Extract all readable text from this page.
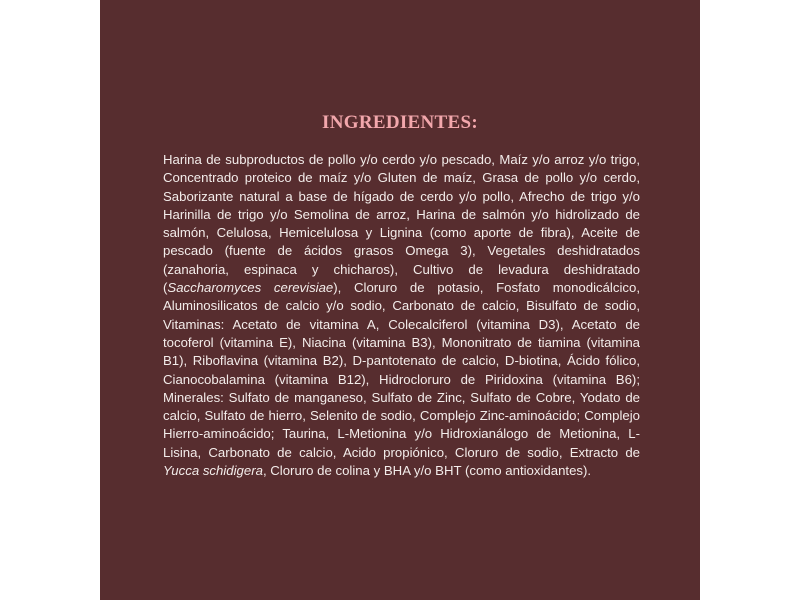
INGREDIENTES:

Harina de subproductos de pollo y/o cerdo y/o pescado, Maíz y/o arroz y/o trigo, Concentrado proteico de maíz y/o Gluten de maíz, Grasa de pollo y/o cerdo, Saborizante natural a base de hígado de cerdo y/o pollo, Afrecho de trigo y/o Harinilla de trigo y/o Semolina de arroz, Harina de salmón y/o hidrolizado de salmón, Celulosa, Hemicelulosa y Lignina (como aporte de fibra), Aceite de pescado (fuente de ácidos grasos Omega 3), Vegetales deshidratados (zanahoria, espinaca y chicharos), Cultivo de levadura deshidratado (Saccharomyces cerevisiae), Cloruro de potasio, Fosfato monodicálcico, Aluminosilicatos de calcio y/o sodio, Carbonato de calcio, Bisulfato de sodio, Vitaminas: Acetato de vitamina A, Colecalciferol (vitamina D3), Acetato de tocoferol (vitamina E), Niacina (vitamina B3), Mononitrato de tiamina (vitamina B1), Riboflavina (vitamina B2), D-pantotenato de calcio, D-biotina, Ácido fólico, Cianocobalamina (vitamina B12), Hidrocloruro de Piridoxina (vitamina B6); Minerales: Sulfato de manganeso, Sulfato de Zinc, Sulfato de Cobre, Yodato de calcio, Sulfato de hierro, Selenito de sodio, Complejo Zinc-aminoácido; Complejo Hierro-aminoácido; Taurina, L-Metionina y/o Hidroxianálogo de Metionina, L-Lisina, Carbonato de calcio, Acido propiónico, Cloruro de sodio, Extracto de Yucca schidigera, Cloruro de colina y BHA y/o BHT (como antioxidantes).
